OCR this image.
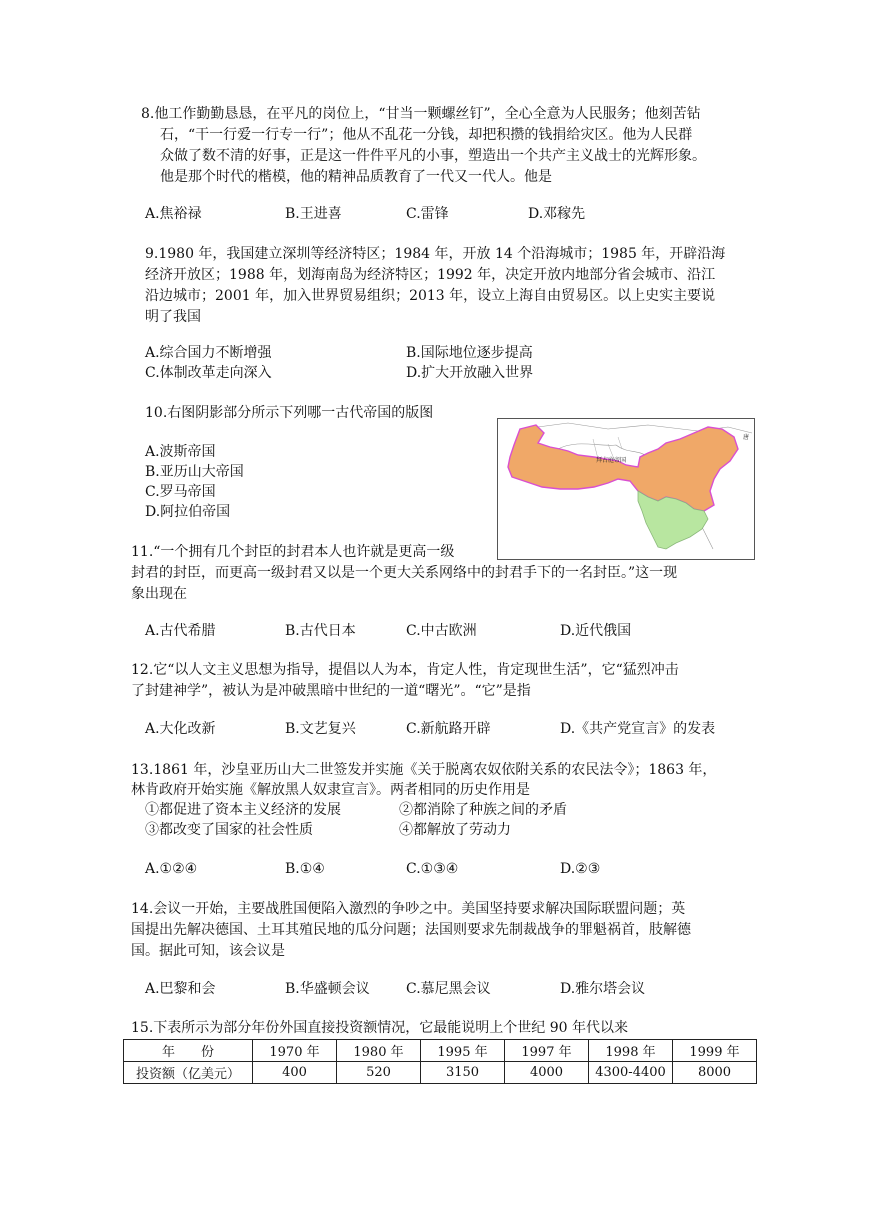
8.他工作勤勤恳恳，在平凡的岗位上，“甘当一颗螺丝钉”，全心全意为人民服务；他刻苦钻
石，“干一行爱一行专一行”；他从不乱花一分钱，却把积攒的钱捐给灾区。他为人民群
众做了数不清的好事，正是这一件件平凡的小事，塑造出一个共产主义战士的光辉形象。
他是那个时代的楷模，他的精神品质教育了一代又一代人。他是
A.焦裕禄	B.王进喜	C.雷锋	D.邓稼先
9.1980 年，我国建立深圳等经济特区；1984 年，开放 14 个沿海城市；1985 年，开辟沿海
经济开放区；1988 年，划海南岛为经济特区；1992 年，决定开放内地部分省会城市、沿江
沿边城市；2001 年，加入世界贸易组织；2013 年，设立上海自由贸易区。以上史实主要说
明了我国
A.综合国力不断增强	B.国际地位逐步提高
C.体制改革走向深入	D.扩大开放融入世界
10.右图阴影部分所示下列哪一古代帝国的版图
A.波斯帝国
B.亚历山大帝国
C.罗马帝国
D.阿拉伯帝国
拜占庭帝国
唐
11.“一个拥有几个封臣的封君本人也许就是更高一级
封君的封臣，而更高一级封君又以是一个更大关系网络中的封君手下的一名封臣。”这一现
象出现在
A.古代希腊	B.古代日本	C.中古欧洲	D.近代俄国
12.它“以人文主义思想为指导，提倡以人为本，肯定人性，肯定现世生活”，它“猛烈冲击
了封建神学”，被认为是冲破黑暗中世纪的一道“曙光”。“它”是指
A.大化改新	B.文艺复兴	C.新航路开辟	D.《共产党宣言》的发表
13.1861 年，沙皇亚历山大二世签发并实施《关于脱离农奴依附关系的农民法令》；1863 年，
林肯政府开始实施《解放黑人奴隶宣言》。两者相同的历史作用是
①都促进了资本主义经济的发展	②都消除了种族之间的矛盾
③都改变了国家的社会性质	④都解放了劳动力
A.①②④	B.①④	C.①③④	D.②③
14.会议一开始，主要战胜国便陷入激烈的争吵之中。美国坚持要求解决国际联盟问题；英
国提出先解决德国、土耳其殖民地的瓜分问题；法国则要求先制裁战争的罪魁祸首，肢解德
国。据此可知，该会议是
A.巴黎和会	B.华盛顿会议	C.慕尼黑会议	D.雅尔塔会议
15.下表所示为部分年份外国直接投资额情况，它最能说明上个世纪 90 年代以来
年　　份	1970 年	1980 年	1995 年	1997 年	1998 年	1999 年
投资额（亿美元）	400	520	3150	4000	4300-4400	8000
